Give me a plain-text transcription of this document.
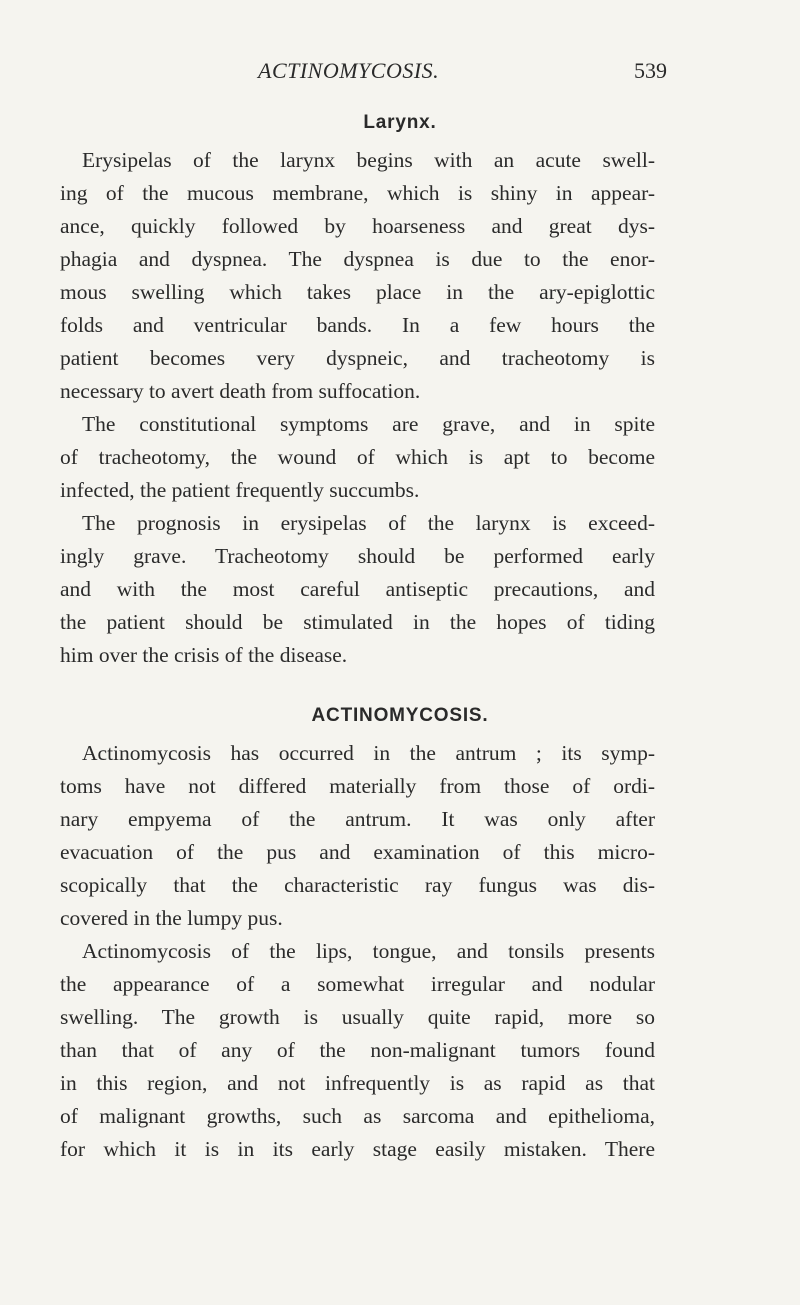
ACTINOMYCOSIS.	539
Larynx.
Erysipelas of the larynx begins with an acute swell-
ing of the mucous membrane, which is shiny in appear-
ance, quickly followed by hoarseness and great dys-
phagia and dyspnea. The dyspnea is due to the enor-
mous swelling which takes place in the ary-epiglottic
folds and ventricular bands. In a few hours the
patient becomes very dyspneic, and tracheotomy is
necessary to avert death from suffocation.
The constitutional symptoms are grave, and in spite
of tracheotomy, the wound of which is apt to become
infected, the patient frequently succumbs.
The prognosis in erysipelas of the larynx is exceed-
ingly grave. Tracheotomy should be performed early
and with the most careful antiseptic precautions, and
the patient should be stimulated in the hopes of tiding
him over the crisis of the disease.
ACTINOMYCOSIS.
Actinomycosis has occurred in the antrum ; its symp-
toms have not differed materially from those of ordi-
nary empyema of the antrum. It was only after
evacuation of the pus and examination of this micro-
scopically that the characteristic ray fungus was dis-
covered in the lumpy pus.
Actinomycosis of the lips, tongue, and tonsils presents
the appearance of a somewhat irregular and nodular
swelling. The growth is usually quite rapid, more so
than that of any of the non-malignant tumors found
in this region, and not infrequently is as rapid as that
of malignant growths, such as sarcoma and epithelioma,
for which it is in its early stage easily mistaken. There
